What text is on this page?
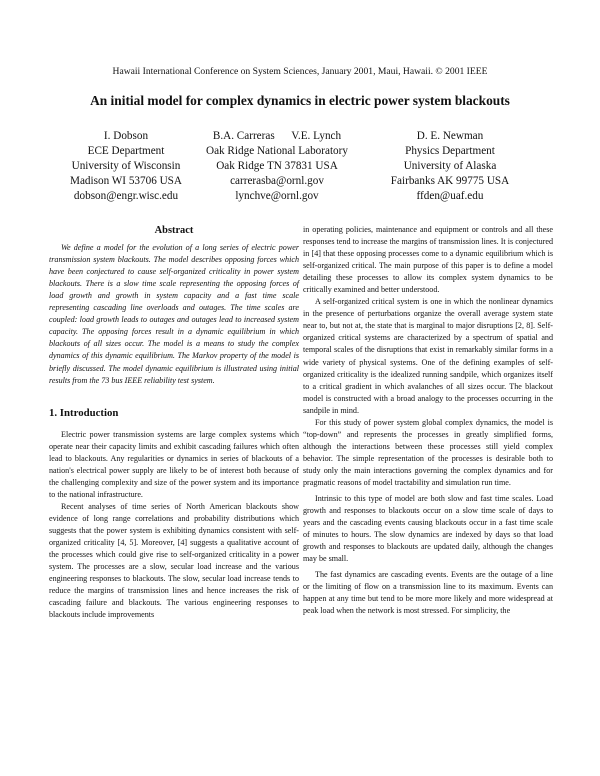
Hawaii International Conference on System Sciences, January 2001, Maui, Hawaii. © 2001 IEEE
An initial model for complex dynamics in electric power system blackouts
I. Dobson
ECE Department
University of Wisconsin
Madison WI 53706 USA
dobson@engr.wisc.edu
B.A. Carreras      V.E. Lynch
Oak Ridge National Laboratory
Oak Ridge TN 37831 USA
carrerasba@ornl.gov
lynchve@ornl.gov
D. E. Newman
Physics Department
University of Alaska
Fairbanks AK 99775 USA
ffden@uaf.edu
Abstract

We define a model for the evolution of a long series of electric power transmission system blackouts. The model describes opposing forces which have been conjectured to cause self-organized criticality in power system blackouts. There is a slow time scale representing the opposing forces of load growth and growth in system capacity and a fast time scale representing cascading line overloads and outages. The time scales are coupled: load growth leads to outages and outages lead to increased system capacity. The opposing forces result in a dynamic equilibrium in which blackouts of all sizes occur. The model is a means to study the complex dynamics of this dynamic equilibrium. The Markov property of the model is briefly discussed. The model dynamic equilibrium is illustrated using initial results from the 73 bus IEEE reliability test system.

1. Introduction

Electric power transmission systems are large complex systems which operate near their capacity limits and exhibit cascading failures which often lead to blackouts. Any regularities or dynamics in series of blackouts of a nation's electrical power supply are likely to be of interest both because of the challenging complexity and size of the power system and its importance to the national infrastructure.

Recent analyses of time series of North American blackouts show evidence of long range correlations and probability distributions which suggests that the power system is exhibiting dynamics consistent with self-organized criticality [4, 5]. Moreover, [4] suggests a qualitative account of the processes which could give rise to self-organized criticality in a power system. The processes are a slow, secular load increase and the various engineering responses to blackouts. The slow, secular load increase tends to reduce the margins of transmission lines and hence increases the risk of cascading failure and blackouts. The various engineering responses to blackouts include improvements

in operating policies, maintenance and equipment or controls and all these responses tend to increase the margins of transmission lines. It is conjectured in [4] that these opposing processes come to a dynamic equilibrium which is self-organized critical. The main purpose of this paper is to define a model detailing these processes to allow its complex system dynamics to be critically examined and better understood.

A self-organized critical system is one in which the nonlinear dynamics in the presence of perturbations organize the overall average system state near to, but not at, the state that is marginal to major disruptions [2, 8]. Self-organized critical systems are characterized by a spectrum of spatial and temporal scales of the disruptions that exist in remarkably similar forms in a wide variety of physical systems. One of the defining examples of self-organized criticality is the idealized running sandpile, which organizes itself to a critical gradient in which avalanches of all sizes occur. The blackout model is constructed with a broad analogy to the processes occurring in the sandpile in mind.

For this study of power system global complex dynamics, the model is “top-down” and represents the processes in greatly simplified forms, although the interactions between these processes still yield complex behavior. The simple representation of the processes is desirable both to study only the main interactions governing the complex dynamics and for pragmatic reasons of model tractability and simulation run time.

Intrinsic to this type of model are both slow and fast time scales. Load growth and responses to blackouts occur on a slow time scale of days to years and the cascading events causing blackouts occur in a fast time scale of minutes to hours. The slow dynamics are indexed by days so that load growth and responses to blackouts are updated daily, although the changes may be small.

The fast dynamics are cascading events. Events are the outage of a line or the limiting of flow on a transmission line to its maximum. Events can happen at any time but tend to be more more likely and more widespread at peak load when the network is most stressed. For simplicity, the
